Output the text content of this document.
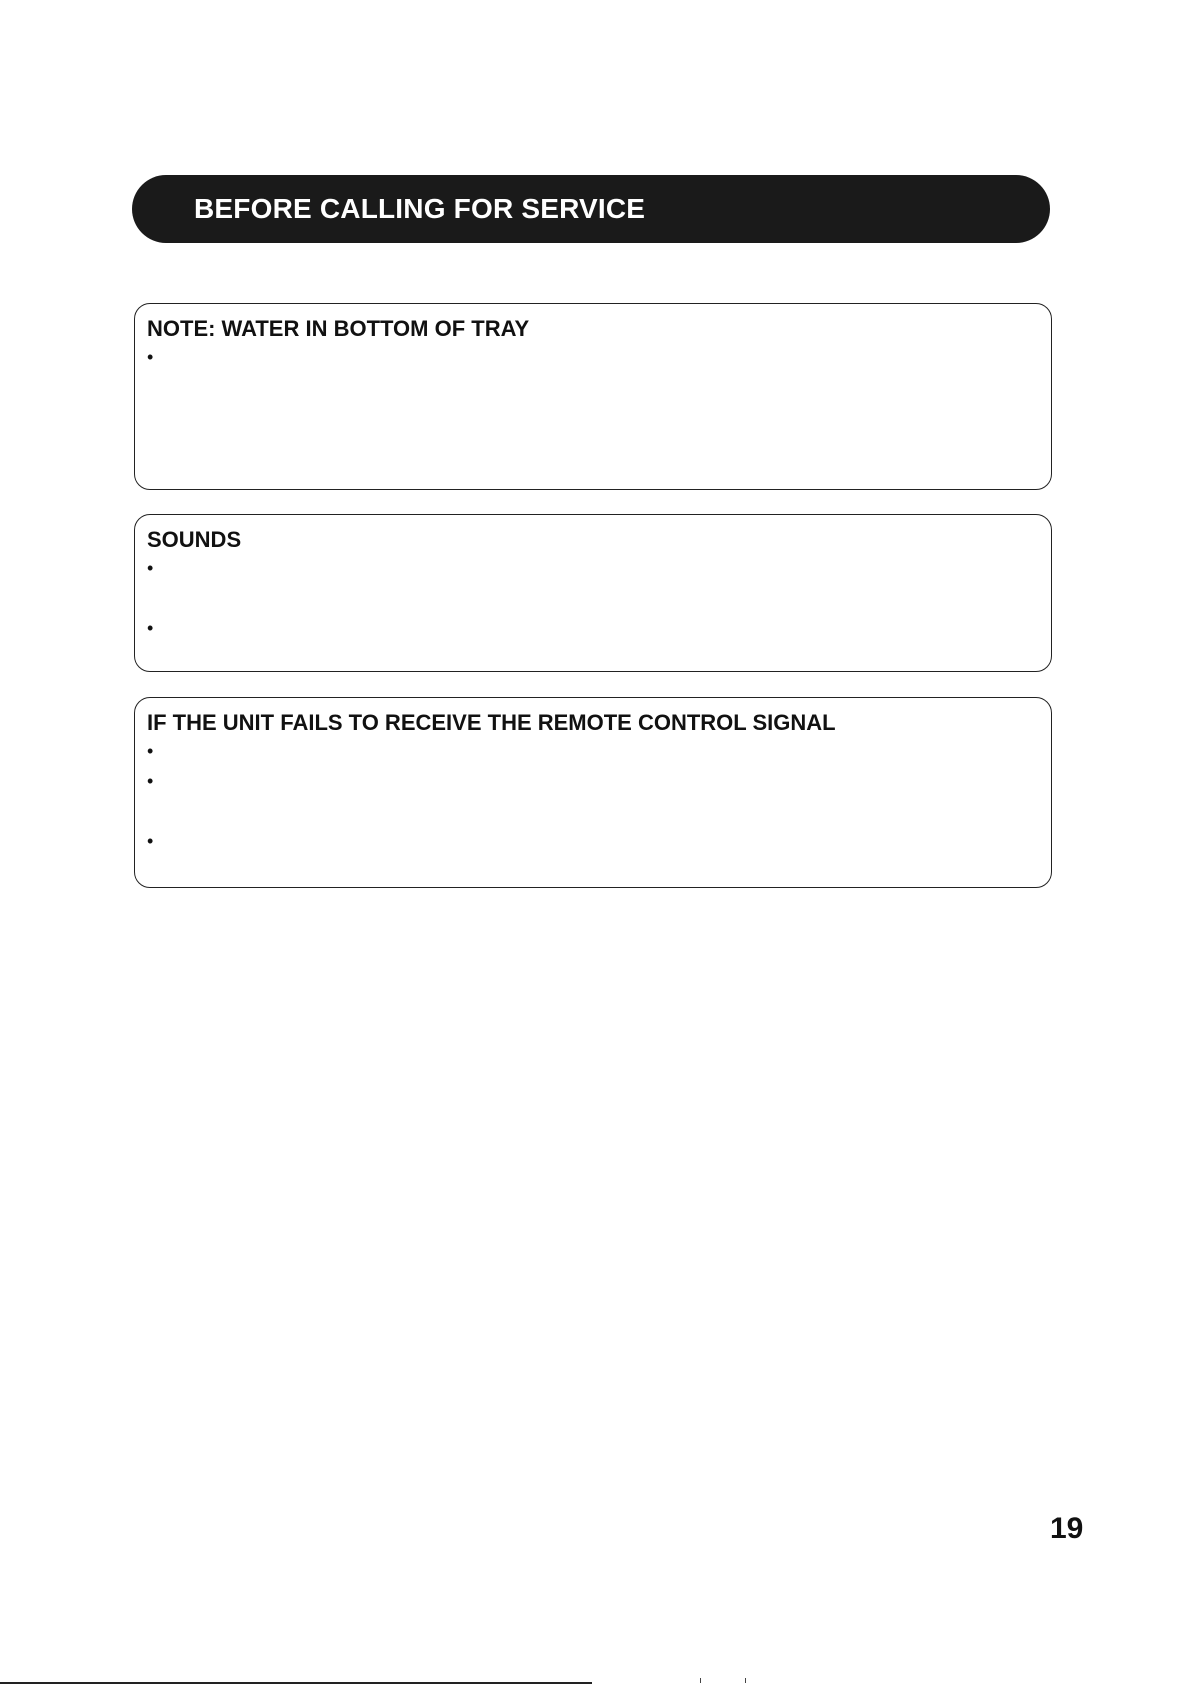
BEFORE CALLING FOR SERVICE
NOTE: WATER IN BOTTOM OF TRAY
•
SOUNDS
•
•
IF THE UNIT FAILS TO RECEIVE THE REMOTE CONTROL SIGNAL
•
•
•
19
